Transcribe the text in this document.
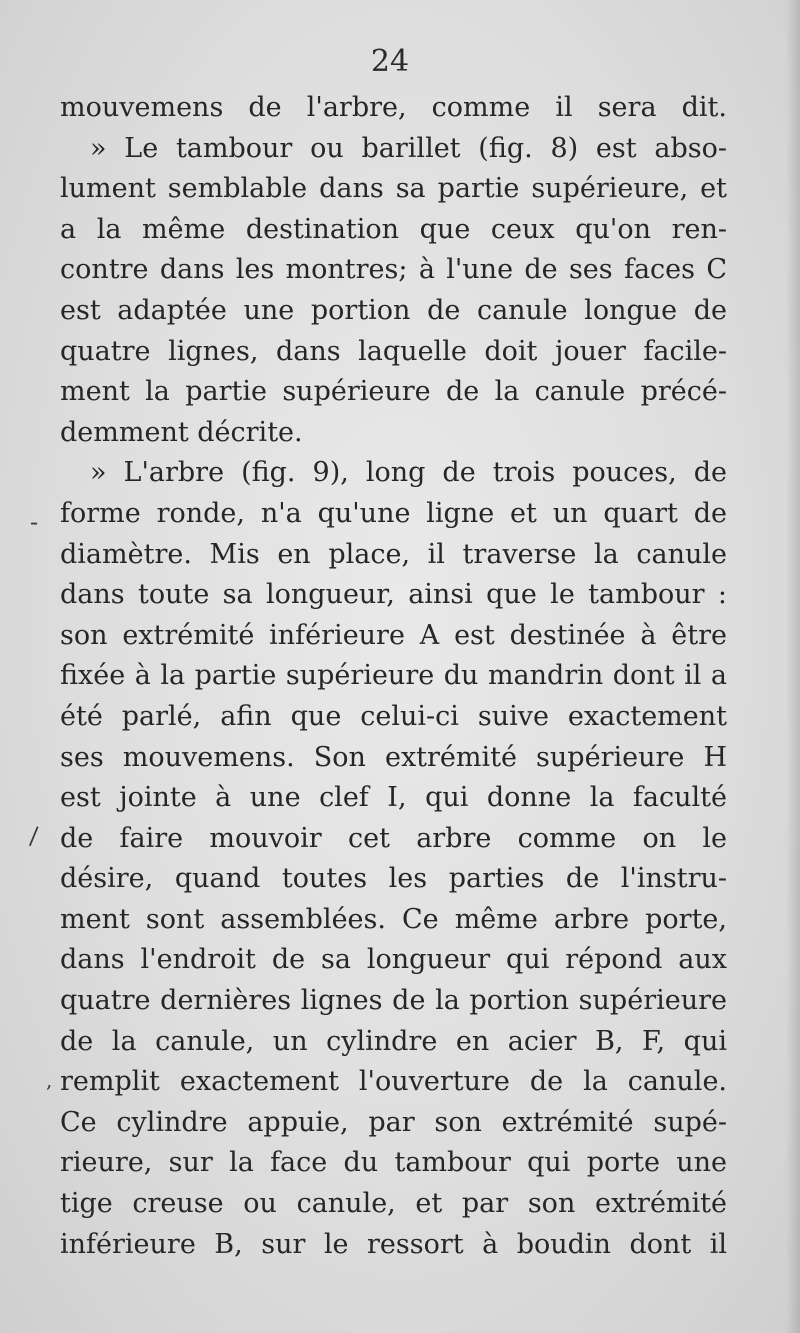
24

mouvemens de l'arbre, comme il sera dit.
» Le tambour ou barillet (fig. 8) est abso-
lument semblable dans sa partie supérieure, et
a la même destination que ceux qu'on ren-
contre dans les montres; à l'une de ses faces C
est adaptée une portion de canule longue de
quatre lignes, dans laquelle doit jouer facile-
ment la partie supérieure de la canule précé-
demment décrite.
» L'arbre (fig. 9), long de trois pouces, de
forme ronde, n'a qu'une ligne et un quart de
diamètre. Mis en place, il traverse la canule
dans toute sa longueur, ainsi que le tambour :
son extrémité inférieure A est destinée à être
fixée à la partie supérieure du mandrin dont il a
été parlé, afin que celui-ci suive exactement
ses mouvemens. Son extrémité supérieure H
est jointe à une clef I, qui donne la faculté
de faire mouvoir cet arbre comme on le
désire, quand toutes les parties de l'instru-
ment sont assemblées. Ce même arbre porte,
dans l'endroit de sa longueur qui répond aux
quatre dernières lignes de la portion supérieure
de la canule, un cylindre en acier B, F, qui
remplit exactement l'ouverture de la canule.
Ce cylindre appuie, par son extrémité supé-
rieure, sur la face du tambour qui porte une
tige creuse ou canule, et par son extrémité
inférieure B, sur le ressort à boudin dont il
-
\
,
